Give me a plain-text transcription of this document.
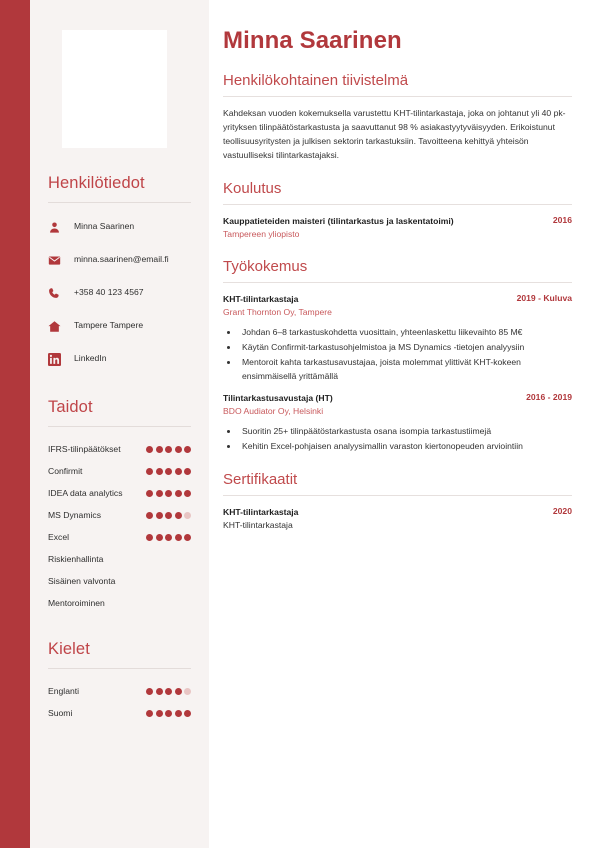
Henkilötiedot
Minna Saarinen
minna.saarinen@email.fi
+358 40 123 4567
Tampere Tampere
LinkedIn
Taidot
IFRS-tilinpäätökset
Confirmit
IDEA data analytics
MS Dynamics
Excel
Riskienhallinta
Sisäinen valvonta
Mentoroiminen
Kielet
Englanti
Suomi
Minna Saarinen
Henkilökohtainen tiivistelmä

Kahdeksan vuoden kokemuksella varustettu KHT-tilintarkastaja, joka on johtanut yli 40 pk-yrityksen tilinpäätöstarkastusta ja saavuttanut 98 % asiakastyytyväisyyden. Erikoistunut teollisuusyritysten ja julkisen sektorin tarkastuksiin. Tavoitteena kehittyä yhteisön vastuulliseksi tilintarkastajaksi.

Koulutus
Kauppatieteiden maisteri (tilintarkastus ja laskentatoimi)	2016
Tampereen yliopisto
Työkokemus
KHT-tilintarkastaja	2019 - Kuluva
Grant Thornton Oy, Tampere
• Johdan 6–8 tarkastuskohdetta vuosittain, yhteenlaskettu liikevaihto 85 M€
• Käytän Confirmit-tarkastusohjelmistoa ja MS Dynamics -tietojen analyysiin
• Mentoroit kahta tarkastusavustajaa, joista molemmat ylittivät KHT-kokeen ensimmäisellä yrittämällä
Tilintarkastusavustaja (HT)	2016 - 2019
BDO Audiator Oy, Helsinki
• Suoritin 25+ tilinpäätöstarkastusta osana isompia tarkastustiimejä
• Kehitin Excel-pohjaisen analyysimallin varaston kiertonopeuden arviointiin
Sertifikaatit
KHT-tilintarkastaja	2020
KHT-tilintarkastaja
